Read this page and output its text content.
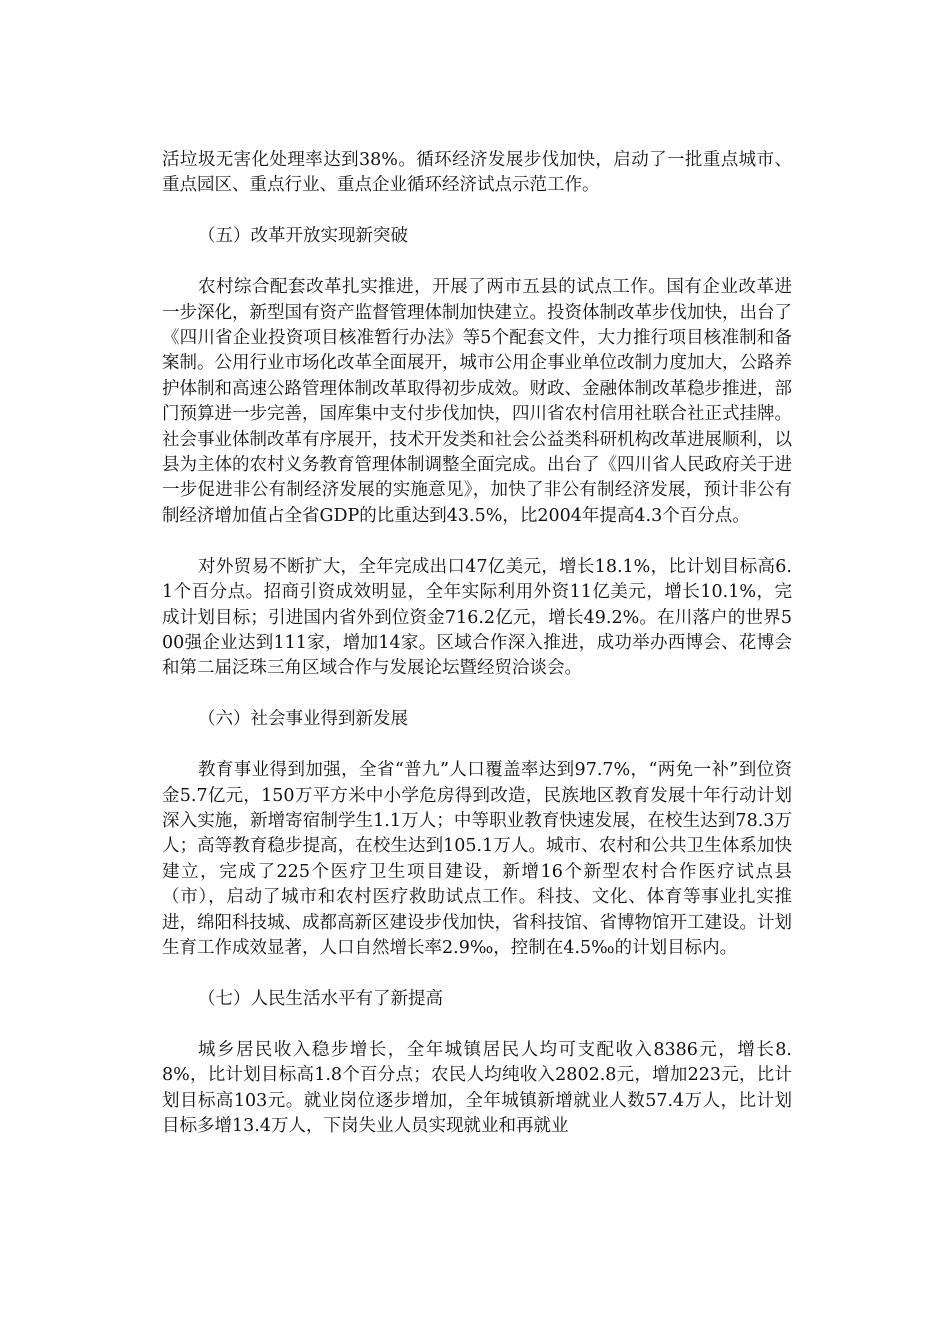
活垃圾无害化处理率达到38%。循环经济发展步伐加快，启动了一批重点城市、重点园区、重点行业、重点企业循环经济试点示范工作。

（五）改革开放实现新突破

农村综合配套改革扎实推进，开展了两市五县的试点工作。国有企业改革进一步深化，新型国有资产监督管理体制加快建立。投资体制改革步伐加快，出台了《四川省企业投资项目核准暂行办法》等5个配套文件，大力推行项目核准制和备案制。公用行业市场化改革全面展开，城市公用企事业单位改制力度加大，公路养护体制和高速公路管理体制改革取得初步成效。财政、金融体制改革稳步推进，部门预算进一步完善，国库集中支付步伐加快，四川省农村信用社联合社正式挂牌。社会事业体制改革有序展开，技术开发类和社会公益类科研机构改革进展顺利，以县为主体的农村义务教育管理体制调整全面完成。出台了《四川省人民政府关于进一步促进非公有制经济发展的实施意见》，加快了非公有制经济发展，预计非公有制经济增加值占全省GDP的比重达到43.5%，比2004年提高4.3个百分点。

对外贸易不断扩大，全年完成出口47亿美元，增长18.1%，比计划目标高6.1个百分点。招商引资成效明显，全年实际利用外资11亿美元，增长10.1%，完成计划目标；引进国内省外到位资金716.2亿元，增长49.2%。在川落户的世界500强企业达到111家，增加14家。区域合作深入推进，成功举办西博会、花博会和第二届泛珠三角区域合作与发展论坛暨经贸洽谈会。

（六）社会事业得到新发展

教育事业得到加强，全省“普九”人口覆盖率达到97.7%，“两免一补”到位资金5.7亿元，150万平方米中小学危房得到改造，民族地区教育发展十年行动计划深入实施，新增寄宿制学生1.1万人；中等职业教育快速发展，在校生达到78.3万人；高等教育稳步提高，在校生达到105.1万人。城市、农村和公共卫生体系加快建立，完成了225个医疗卫生项目建设，新增16个新型农村合作医疗试点县（市），启动了城市和农村医疗救助试点工作。科技、文化、体育等事业扎实推进，绵阳科技城、成都高新区建设步伐加快，省科技馆、省博物馆开工建设。计划生育工作成效显著，人口自然增长率2.9‰，控制在4.5‰的计划目标内。

（七）人民生活水平有了新提高

城乡居民收入稳步增长，全年城镇居民人均可支配收入8386元，增长8.8%，比计划目标高1.8个百分点；农民人均纯收入2802.8元，增加223元，比计划目标高103元。就业岗位逐步增加，全年城镇新增就业人数57.4万人，比计划目标多增13.4万人，下岗失业人员实现就业和再就业
